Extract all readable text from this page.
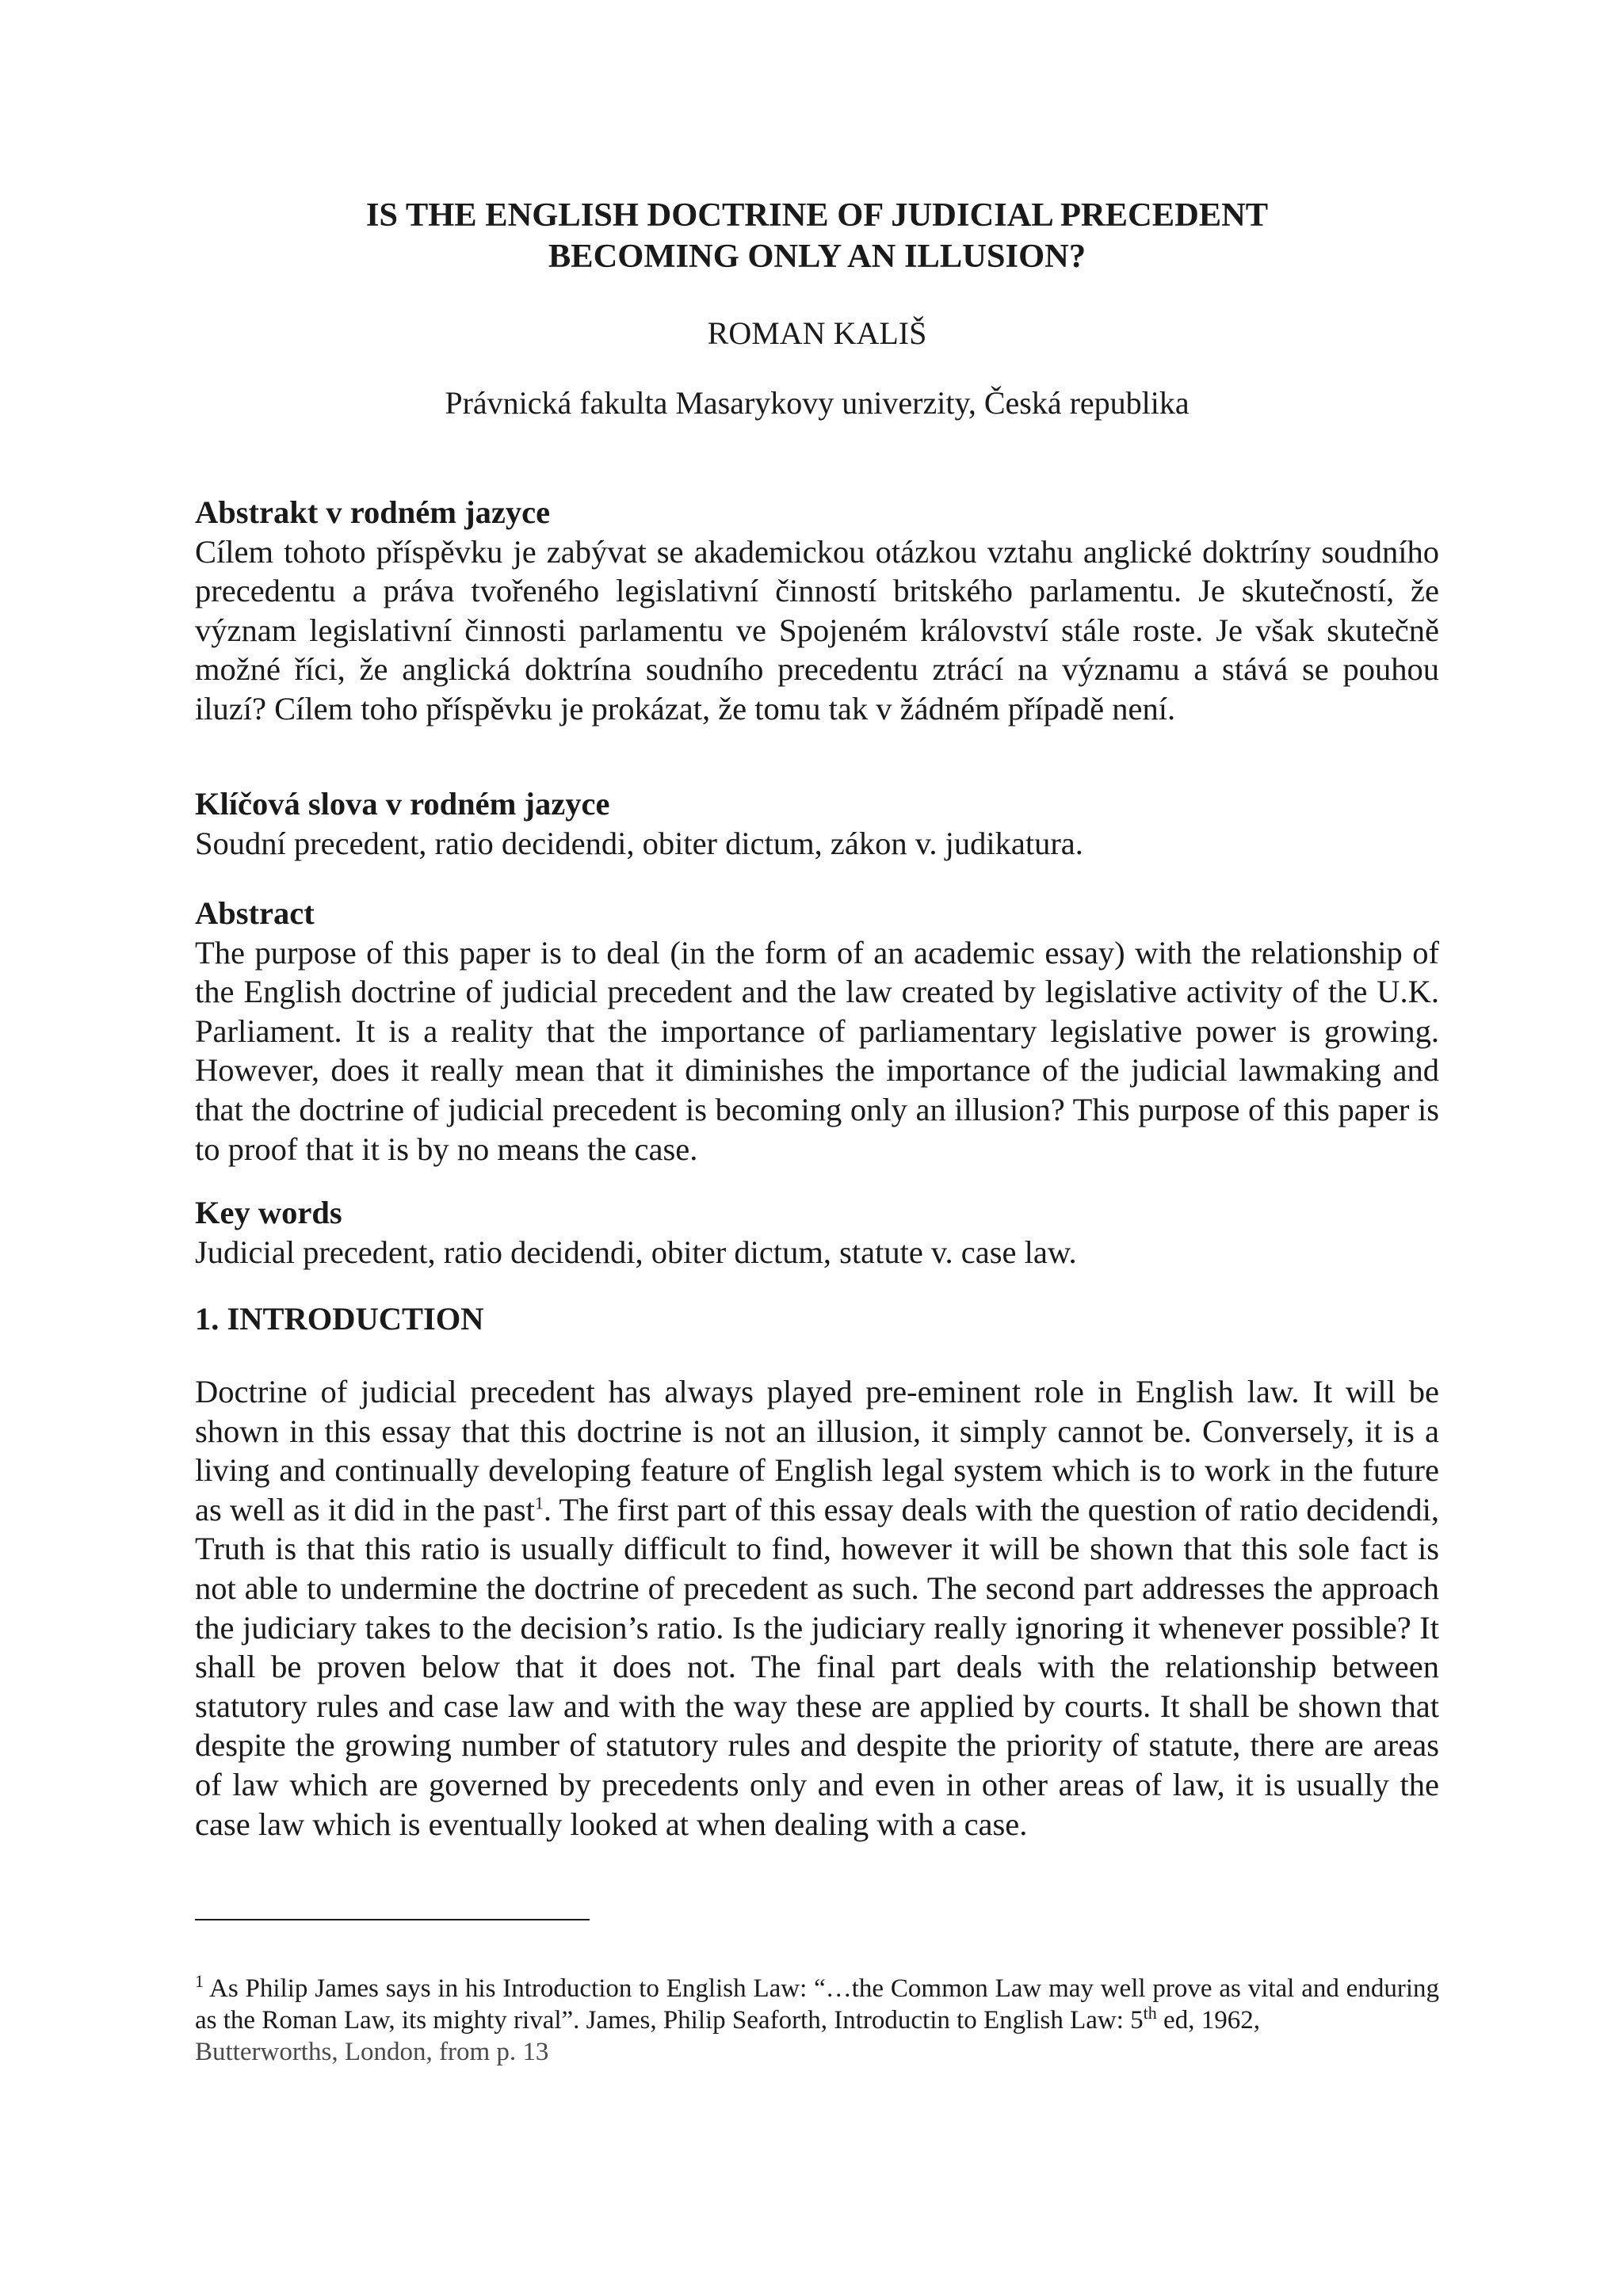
IS THE ENGLISH DOCTRINE OF JUDICIAL PRECEDENT
BECOMING ONLY AN ILLUSION?
ROMAN KALIŠ
Právnická fakulta Masarykovy univerzity, Česká republika
Abstrakt v rodném jazyce
Cílem tohoto příspěvku je zabývat se akademickou otázkou vztahu anglické doktríny soudního precedentu a práva tvořeného legislativní činností britského parlamentu. Je skutečností, že význam legislativní činnosti parlamentu ve Spojeném království stále roste. Je však skutečně možné říci, že anglická doktrína soudního precedentu ztrácí na významu a stává se pouhou iluzí? Cílem toho příspěvku je prokázat, že tomu tak v žádném případě není.
Klíčová slova v rodném jazyce
Soudní precedent, ratio decidendi, obiter dictum, zákon v. judikatura.
Abstract
The purpose of this paper is to deal (in the form of an academic essay) with the relationship of the English doctrine of judicial precedent and the law created by legislative activity of the U.K. Parliament. It is a reality that the importance of parliamentary legislative power is growing. However, does it really mean that it diminishes the importance of the judicial lawmaking and that the doctrine of judicial precedent is becoming only an illusion? This purpose of this paper is to proof that it is by no means the case.
Key words
Judicial precedent, ratio decidendi, obiter dictum, statute v. case law.
1. INTRODUCTION
Doctrine of judicial precedent has always played pre-eminent role in English law. It will be shown in this essay that this doctrine is not an illusion, it simply cannot be. Conversely, it is a living and continually developing feature of English legal system which is to work in the future as well as it did in the past$^1$. The first part of this essay deals with the question of ratio decidendi, Truth is that this ratio is usually difficult to find, however it will be shown that this sole fact is not able to undermine the doctrine of precedent as such. The second part addresses the approach the judiciary takes to the decision’s ratio. Is the judiciary really ignoring it whenever possible? It shall be proven below that it does not. The final part deals with the relationship between statutory rules and case law and with the way these are applied by courts. It shall be shown that despite the growing number of statutory rules and despite the priority of statute, there are areas of law which are governed by precedents only and even in other areas of law, it is usually the case law which is eventually looked at when dealing with a case.
$^1$ As Philip James says in his Introduction to English Law: “…the Common Law may well prove as vital and enduring as the Roman Law, its mighty rival”. James, Philip Seaforth, Introductin to English Law: 5th ed, 1962,
Butterworths, London, from p. 13
